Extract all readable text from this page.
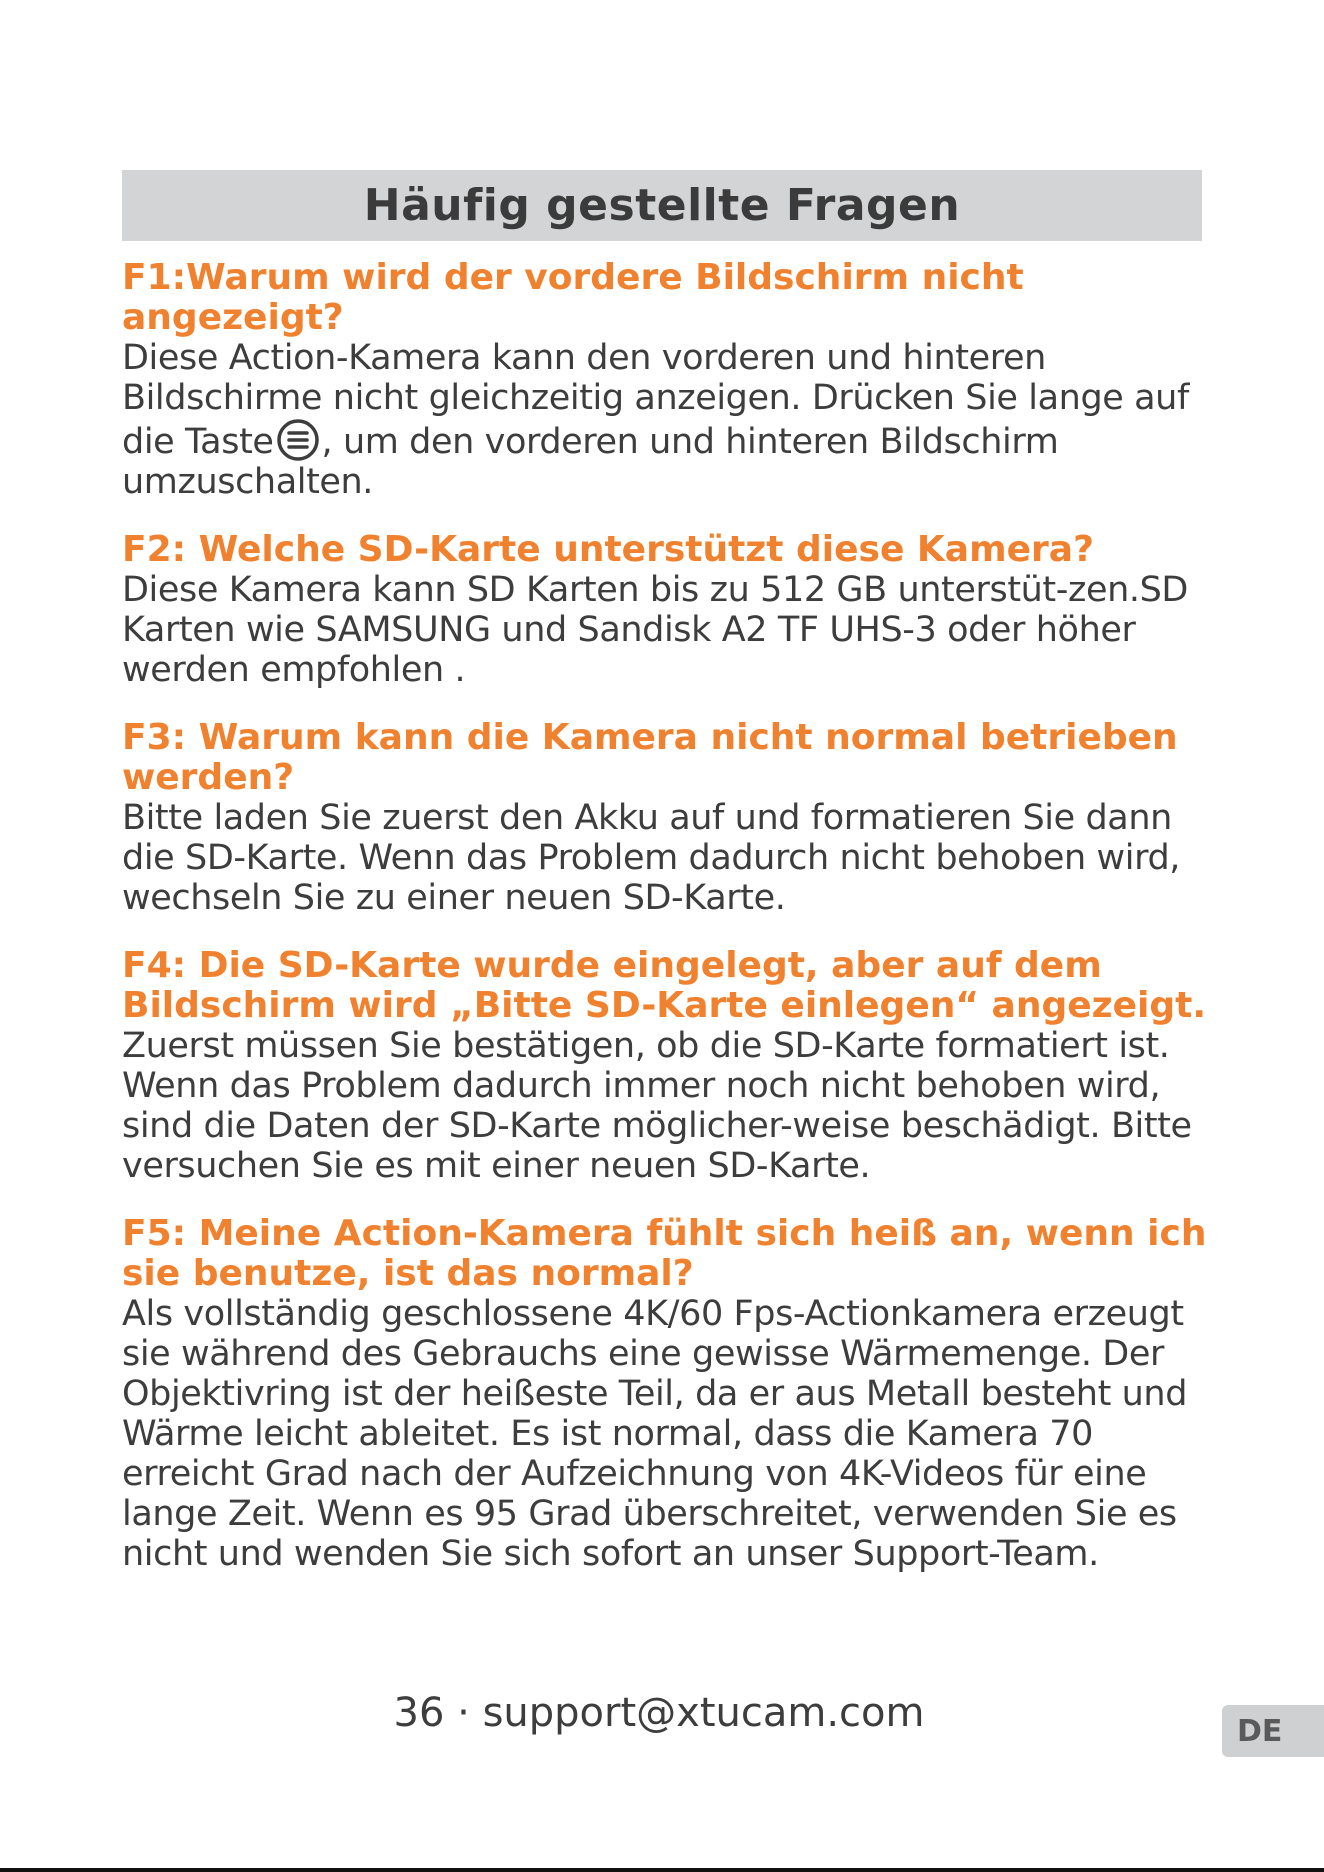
Häufig gestellte Fragen

F1:Warum wird der vordere Bildschirm nicht angezeigt?

Diese Action-Kamera kann den vorderen und hinteren Bildschirme nicht gleichzeitig anzeigen. Drücken Sie lange auf die Taste , um den vorderen und hinteren Bildschirm umzuschalten.

F2: Welche SD-Karte unterstützt diese Kamera?

Diese Kamera kann SD Karten bis zu 512 GB unterstüt-zen.SD Karten wie SAMSUNG und Sandisk A2 TF UHS-3 oder höher werden empfohlen .

F3: Warum kann die Kamera nicht normal betrieben werden?

Bitte laden Sie zuerst den Akku auf und formatieren Sie dann die SD-Karte. Wenn das Problem dadurch nicht behoben wird, wechseln Sie zu einer neuen SD-Karte.

F4: Die SD-Karte wurde eingelegt, aber auf dem Bildschirm wird „Bitte SD-Karte einlegen“ angezeigt.

Zuerst müssen Sie bestätigen, ob die SD-Karte formatiert ist. Wenn das Problem dadurch immer noch nicht behoben wird, sind die Daten der SD-Karte möglicher-weise beschädigt. Bitte versuchen Sie es mit einer neuen SD-Karte.

F5: Meine Action-Kamera fühlt sich heiß an, wenn ich sie benutze, ist das normal?

Als vollständig geschlossene 4K/60 Fps-Actionkamera erzeugt sie während des Gebrauchs eine gewisse Wärmemenge. Der Objektivring ist der heißeste Teil, da er aus Metall besteht und Wärme leicht ableitet. Es ist normal, dass die Kamera 70 erreicht Grad nach der Aufzeichnung von 4K-Videos für eine lange Zeit. Wenn es 95 Grad überschreitet, verwenden Sie es nicht und wenden Sie sich sofort an unser Support-Team.

36 · support@xtucam.com	DE
